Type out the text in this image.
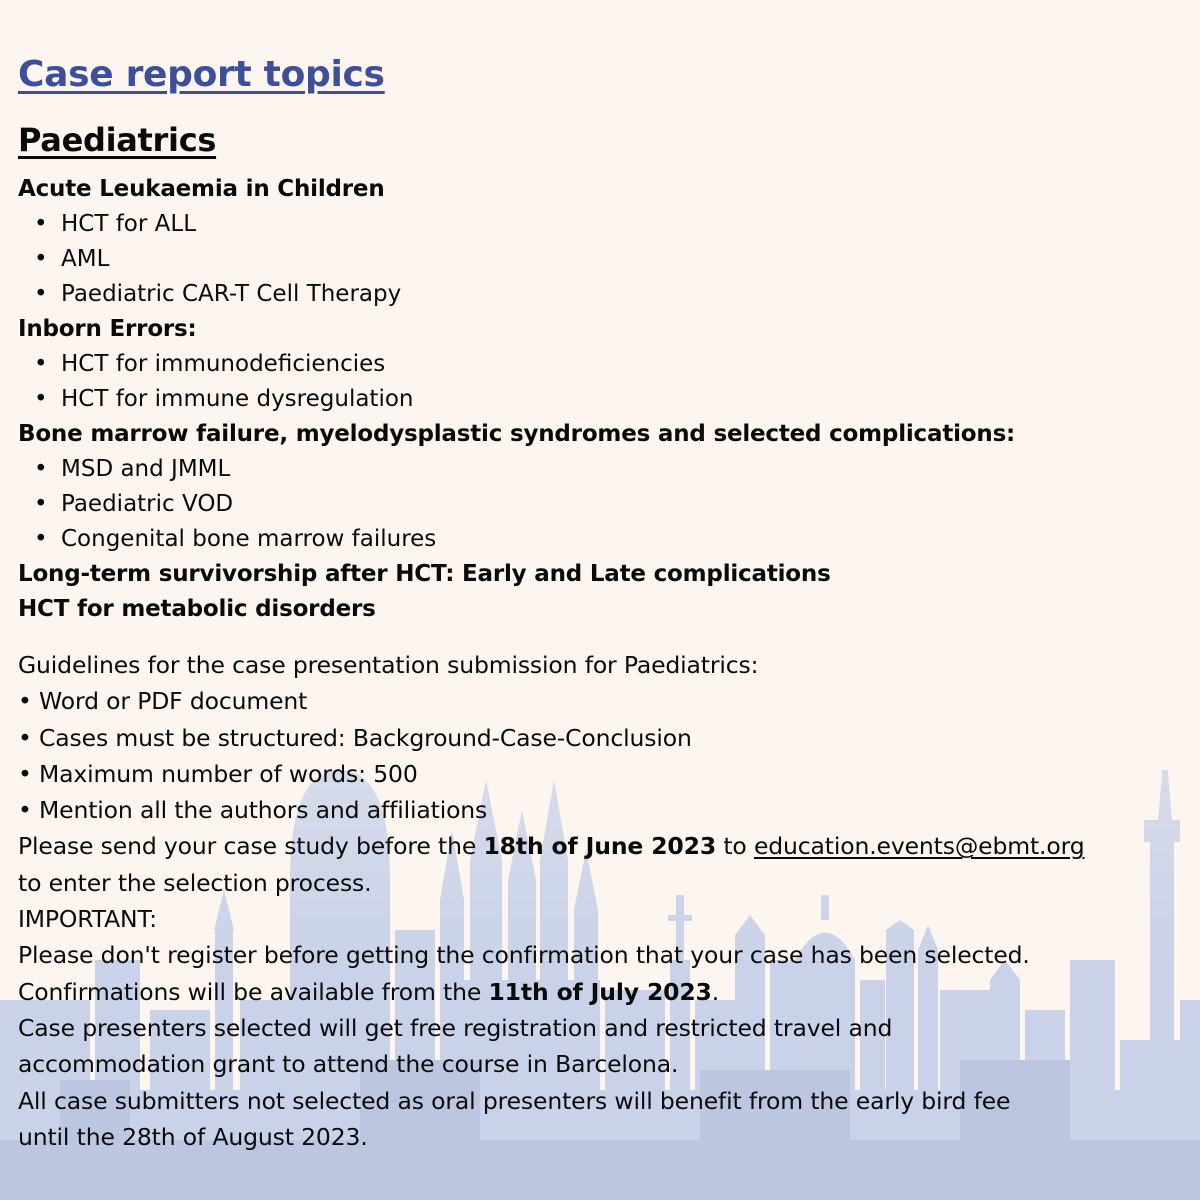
Case report topics
Paediatrics
Acute Leukaemia in Children
• HCT for ALL
• AML
• Paediatric CAR-T Cell Therapy
Inborn Errors:
• HCT for immunodeficiencies
• HCT for immune dysregulation
Bone marrow failure, myelodysplastic syndromes and selected complications:
• MSD and JMML
• Paediatric VOD
• Congenital bone marrow failures
Long-term survivorship after HCT: Early and Late complications
HCT for metabolic disorders
Guidelines for the case presentation submission for Paediatrics:
• Word or PDF document
• Cases must be structured: Background-Case-Conclusion
• Maximum number of words: 500
• Mention all the authors and affiliations
Please send your case study before the 18th of June 2023 to education.events@ebmt.org
to enter the selection process.
IMPORTANT:
Please don't register before getting the confirmation that your case has been selected.
Confirmations will be available from the 11th of July 2023.
Case presenters selected will get free registration and restricted travel and
accommodation grant to attend the course in Barcelona.
All case submitters not selected as oral presenters will benefit from the early bird fee
until the 28th of August 2023.
